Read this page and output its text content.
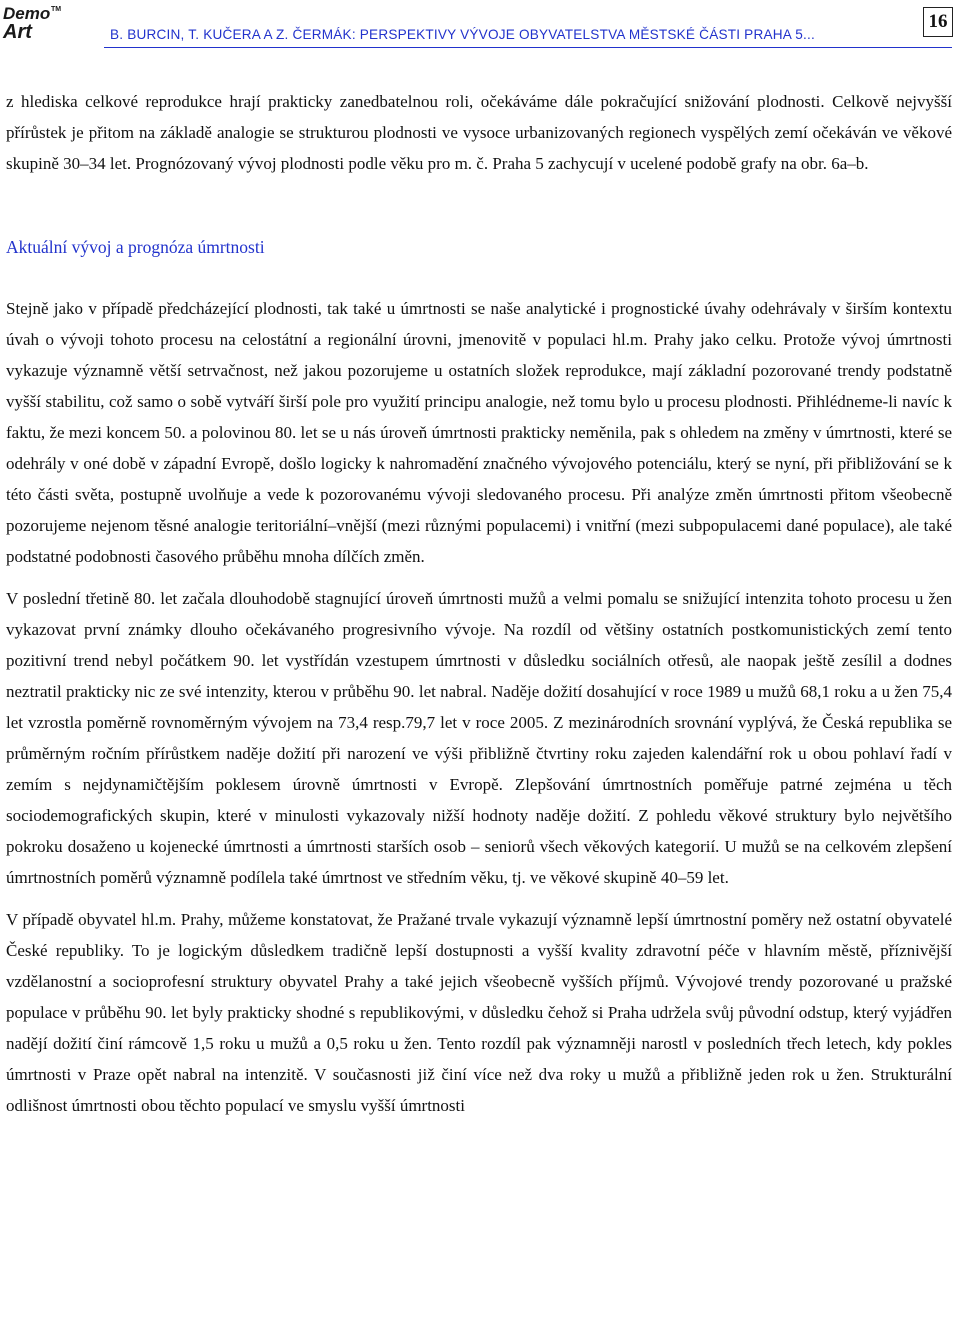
Demo TM
Art	B. BURCIN, T. KUČERA A Z. ČERMÁK: PERSPEKTIVY VÝVOJE OBYVATELSTVA MĚSTSKÉ ČÁSTI PRAHA 5...
16

z hlediska celkové reprodukce hrají prakticky zanedbatelnou roli, očekáváme dále pokračující snižování plodnosti. Celkově nejvyšší přírůstek je přitom na základě analogie se strukturou plodnosti ve vysoce urbanizovaných regionech vyspělých zemí očekáván ve věkové skupině 30–34 let. Prognózovaný vývoj plodnosti podle věku pro m. č. Praha 5 zachycují v ucelené podobě grafy na obr. 6a–b.

Aktuální vývoj a prognóza úmrtnosti

Stejně jako v případě předcházející plodnosti, tak také u úmrtnosti se naše analytické i prognostické úvahy odehrávaly v širším kontextu úvah o vývoji tohoto procesu na celostátní a regionální úrovni, jmenovitě v populaci hl.m. Prahy jako celku. Protože vývoj úmrtnosti vykazuje významně větší setrvačnost, než jakou pozorujeme u ostatních složek reprodukce, mají základní pozorované trendy podstatně vyšší stabilitu, což samo o sobě vytváří širší pole pro využití principu analogie, než tomu bylo u procesu plodnosti. Přihlédneme-li navíc k faktu, že mezi koncem 50. a polovinou 80. let se u nás úroveň úmrtnosti prakticky neměnila, pak s ohledem na změny v úmrtnosti, které se odehrály v oné době v západní Evropě, došlo logicky k nahromadění značného vývojového potenciálu, který se nyní, při přibližování se k této části světa, postupně uvolňuje a vede k pozorovanému vývoji sledovaného procesu. Při analýze změn úmrtnosti přitom všeobecně pozorujeme nejenom těsné analogie teritoriální–vnější (mezi různými populacemi) i vnitřní (mezi subpopulacemi dané populace), ale také podstatné podobnosti časového průběhu mnoha dílčích změn.

V poslední třetině 80. let začala dlouhodobě stagnující úroveň úmrtnosti mužů a velmi pomalu se snižující intenzita tohoto procesu u žen vykazovat první známky dlouho očekávaného progresivního vývoje. Na rozdíl od většiny ostatních postkomunistických zemí tento pozitivní trend nebyl počátkem 90. let vystřídán vzestupem úmrtnosti v důsledku sociálních otřesů, ale naopak ještě zesílil a dodnes neztratil prakticky nic ze své intenzity, kterou v průběhu 90. let nabral. Naděje dožití dosahující v roce 1989 u mužů 68,1 roku a u žen 75,4 let vzrostla poměrně rovnoměrným vývojem na 73,4 resp.79,7 let v roce 2005. Z mezinárodních srovnání vyplývá, že Česká republika se průměrným ročním přírůstkem naděje dožití při narození ve výši přibližně čtvrtiny roku zajeden kalendářní rok u obou pohlaví řadí v zemím s nejdynamičtějším poklesem úrovně úmrtnosti v Evropě. Zlepšování úmrtnostních poměřuje patrné zejména u těch sociodemografických skupin, které v minulosti vykazovaly nižší hodnoty naděje dožití. Z pohledu věkové struktury bylo největšího pokroku dosaženo u kojenecké úmrtnosti a úmrtnosti starších osob – seniorů všech věkových kategorií. U mužů se na celkovém zlepšení úmrtnostních poměrů významně podílela také úmrtnost ve středním věku, tj. ve věkové skupině 40–59 let.

V případě obyvatel hl.m. Prahy, můžeme konstatovat, že Pražané trvale vykazují významně lepší úmrtnostní poměry než ostatní obyvatelé České republiky. To je logickým důsledkem tradičně lepší dostupnosti a vyšší kvality zdravotní péče v hlavním městě, příznivější vzdělanostní a socioprofesní struktury obyvatel Prahy a také jejich všeobecně vyšších příjmů. Vývojové trendy pozorované u pražské populace v průběhu 90. let byly prakticky shodné s republikovými, v důsledku čehož si Praha udržela svůj původní odstup, který vyjádřen nadějí dožití činí rámcově 1,5 roku u mužů a 0,5 roku u žen. Tento rozdíl pak významněji narostl v posledních třech letech, kdy pokles úmrtnosti v Praze opět nabral na intenzitě. V současnosti již činí více než dva roky u mužů a přibližně jeden rok u žen. Strukturální odlišnost úmrtnosti obou těchto populací ve smyslu vyšší úmrtnosti
